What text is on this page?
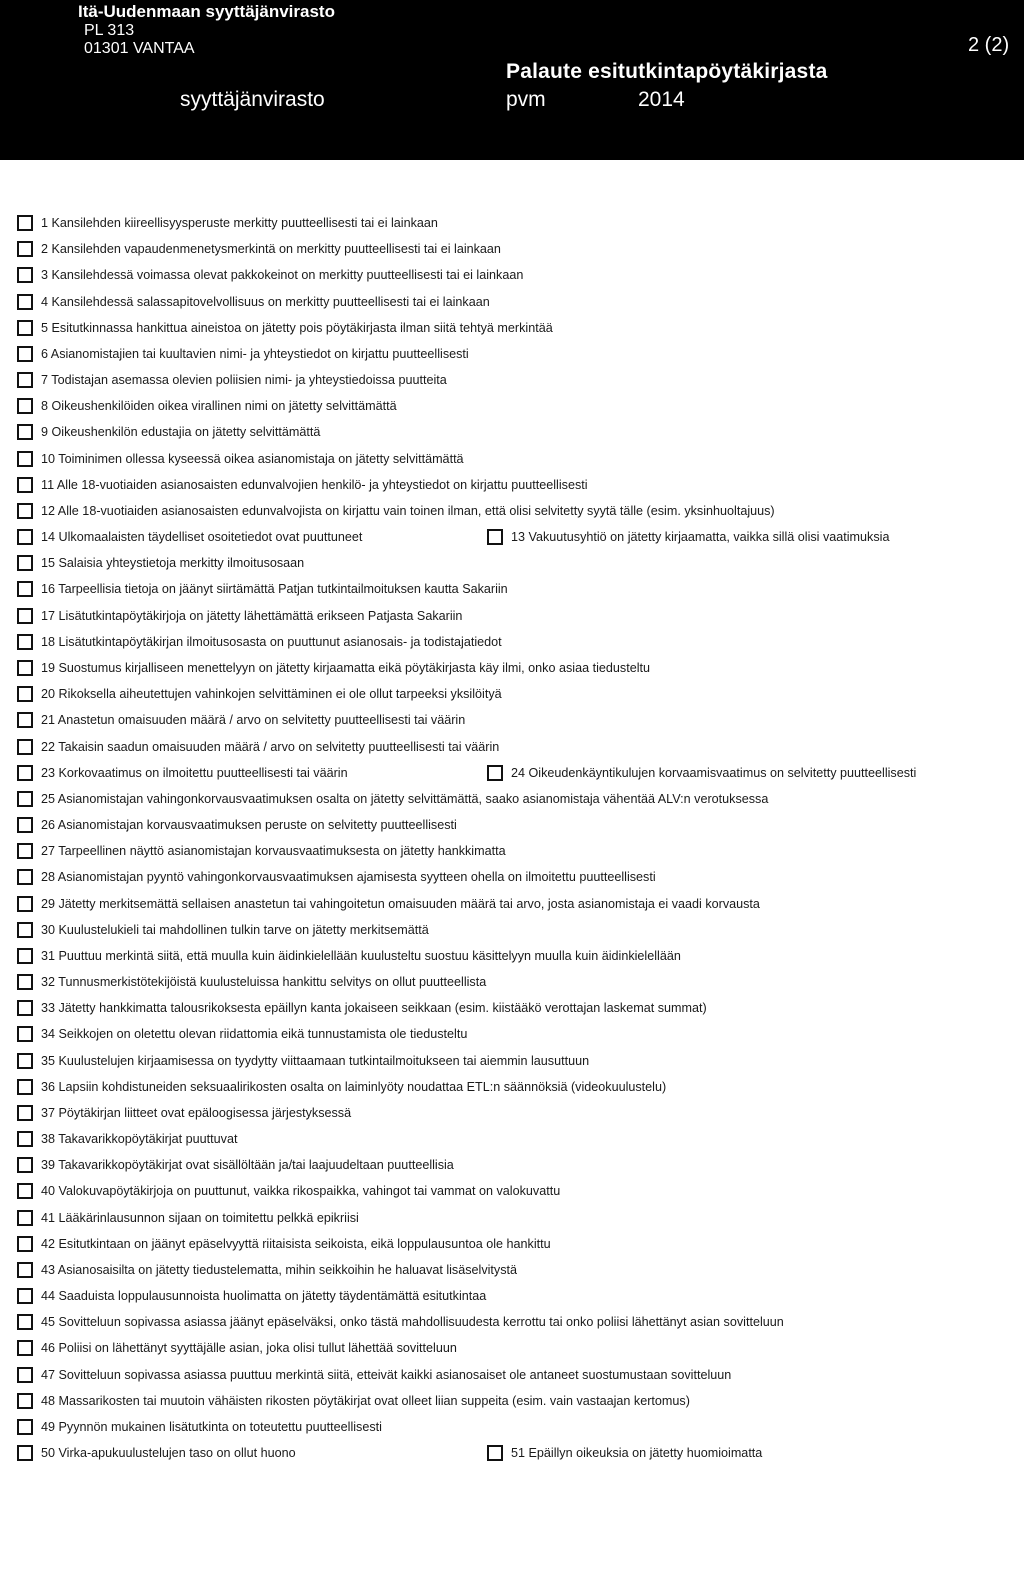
Itä-Uudenmaan syyttäjänvirasto
PL 313
01301 VANTAA	2 (2)
Palaute esitutkintapöytäkirjasta
syyttäjänvirasto	pvm	2014
1 Kansilehden kiireellisyysperuste merkitty puutteellisesti tai ei lainkaan
2 Kansilehden vapaudenmenetysmerkintä on merkitty puutteellisesti tai ei lainkaan
3 Kansilehdessä voimassa olevat pakkokeinot on merkitty puutteellisesti tai ei lainkaan
4 Kansilehdessä salassapitovelvollisuus on merkitty puutteellisesti tai ei lainkaan
5 Esitutkinnassa hankittua aineistoa on jätetty pois pöytäkirjasta ilman siitä tehtyä merkintää
6 Asianomistajien tai kuultavien nimi- ja yhteystiedot on kirjattu puutteellisesti
7 Todistajan asemassa olevien poliisien nimi- ja yhteystiedoissa puutteita
8 Oikeushenkilöiden oikea virallinen nimi on jätetty selvittämättä
9 Oikeushenkilön edustajia on jätetty selvittämättä
10 Toiminimen ollessa kyseessä oikea asianomistaja on jätetty selvittämättä
11 Alle 18-vuotiaiden asianosaisten edunvalvojien henkilö- ja yhteystiedot on kirjattu puutteellisesti
12 Alle 18-vuotiaiden asianosaisten edunvalvojista on kirjattu vain toinen ilman, että olisi selvitetty syytä tälle (esim. yksinhuoltajuus)
14 Ulkomaalaisten täydelliset osoitetiedot ovat puuttuneet	13 Vakuutusyhtiö on jätetty kirjaamatta, vaikka sillä olisi vaatimuksia
15 Salaisia yhteystietoja merkitty ilmoitusosaan
16 Tarpeellisia tietoja on jäänyt siirtämättä Patjan tutkintailmoituksen kautta Sakariin
17 Lisätutkintapöytäkirjoja on jätetty lähettämättä erikseen Patjasta Sakariin
18 Lisätutkintapöytäkirjan ilmoitusosasta on puuttunut asianosais- ja todistajatiedot
19 Suostumus kirjalliseen menettelyyn on jätetty kirjaamatta eikä pöytäkirjasta käy ilmi, onko asiaa tiedusteltu
20 Rikoksella aiheutettujen vahinkojen selvittäminen ei ole ollut tarpeeksi yksilöityä
21 Anastetun omaisuuden määrä / arvo on selvitetty puutteellisesti tai väärin
22 Takaisin saadun omaisuuden määrä / arvo on selvitetty puutteellisesti tai väärin
23 Korkovaatimus on ilmoitettu puutteellisesti tai väärin	24 Oikeudenkäyntikulujen korvaamisvaatimus on selvitetty puutteellisesti
25 Asianomistajan vahingonkorvausvaatimuksen osalta on jätetty selvittämättä, saako asianomistaja vähentää ALV:n verotuksessa
26 Asianomistajan korvausvaatimuksen peruste on selvitetty puutteellisesti
27 Tarpeellinen näyttö asianomistajan korvausvaatimuksesta on jätetty hankkimatta
28 Asianomistajan pyyntö vahingonkorvausvaatimuksen ajamisesta syytteen ohella on ilmoitettu puutteellisesti
29 Jätetty merkitsemättä sellaisen anastetun tai vahingoitetun omaisuuden määrä tai arvo, josta asianomistaja ei vaadi korvausta
30 Kuulustelukieli tai mahdollinen tulkin tarve on jätetty merkitsemättä
31 Puuttuu merkintä siitä, että muulla kuin äidinkielellään kuulusteltu suostuu käsittelyyn muulla kuin äidinkielellään
32 Tunnusmerkistötekijöistä kuulusteluissa hankittu selvitys on ollut puutteellista
33 Jätetty hankkimatta talousrikoksesta epäillyn kanta jokaiseen seikkaan (esim. kiistääkö verottajan laskemat summat)
34 Seikkojen on oletettu olevan riidattomia eikä tunnustamista ole tiedusteltu
35 Kuulustelujen kirjaamisessa on tyydytty viittaamaan tutkintailmoitukseen tai aiemmin lausuttuun
36 Lapsiin kohdistuneiden seksuaalirikosten osalta on laiminlyöty noudattaa ETL:n säännöksiä (videokuulustelu)
37 Pöytäkirjan liitteet ovat epäloogisessa järjestyksessä
38 Takavarikkopöytäkirjat puuttuvat
39 Takavarikkopöytäkirjat ovat sisällöltään ja/tai laajuudeltaan puutteellisia
40 Valokuvapöytäkirjoja on puuttunut, vaikka rikospaikka, vahingot tai vammat on valokuvattu
41 Lääkärinlausunnon sijaan on toimitettu pelkkä epikriisi
42 Esitutkintaan on jäänyt epäselvyyttä riitaisista seikoista, eikä loppulausuntoa ole hankittu
43 Asianosaisilta on jätetty tiedustelematta, mihin seikkoihin he haluavat lisäselvitystä
44 Saaduista loppulausunnoista huolimatta on jätetty täydentämättä esitutkintaa
45 Sovitteluun sopivassa asiassa jäänyt epäselväksi, onko tästä mahdollisuudesta kerrottu tai onko poliisi lähettänyt asian sovitteluun
46 Poliisi on lähettänyt syyttäjälle asian, joka olisi tullut lähettää sovitteluun
47 Sovitteluun sopivassa asiassa puuttuu merkintä siitä, etteivät kaikki asianosaiset ole antaneet suostumustaan sovitteluun
48 Massarikosten tai muutoin vähäisten rikosten pöytäkirjat ovat olleet liian suppeita (esim. vain vastaajan kertomus)
49 Pyynnön mukainen lisätutkinta on toteutettu puutteellisesti
50 Virka-apukuulustelujen taso on ollut huono	51 Epäillyn oikeuksia on jätetty huomioimatta
